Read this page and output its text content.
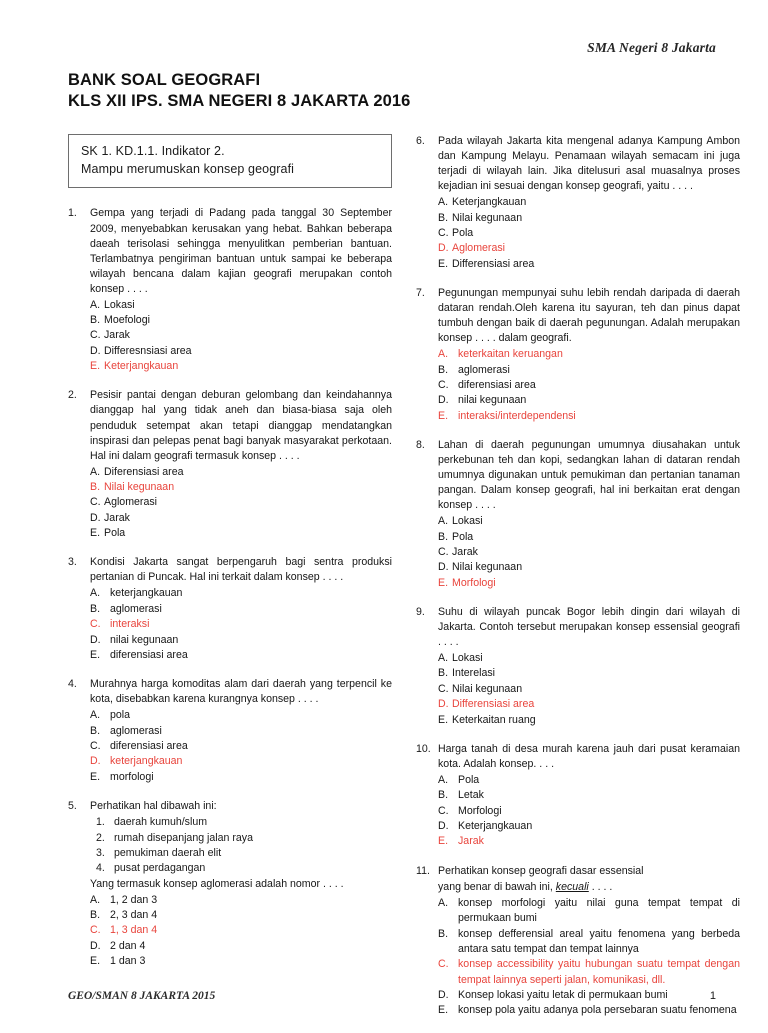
SMA Negeri 8 Jakarta
BANK SOAL GEOGRAFI
KLS XII IPS. SMA NEGERI 8 JAKARTA 2016
SK 1. KD.1.1. Indikator 2.
Mampu merumuskan konsep geografi
1.	Gempa yang terjadi di Padang pada tanggal 30 September 2009, menyebabkan kerusakan yang hebat. Bahkan beberapa daeah terisolasi sehingga menyulitkan pemberian bantuan. Terlambatnya pengiriman bantuan untuk sampai ke beberapa wilayah bencana dalam kajian geografi merupakan contoh konsep . . . .

A. Lokasi
B. Moefologi
C. Jarak
D. Differesnsiasi area
E. Keterjangkauan
2.	Pesisir pantai dengan deburan gelombang dan keindahannya dianggap hal yang tidak aneh dan biasa-biasa saja oleh penduduk setempat akan tetapi dianggap mendatangkan inspirasi dan pelepas penat bagi banyak masyarakat perkotaan. Hal ini dalam geografi termasuk konsep . . . .

A. Diferensiasi area
B. Nilai kegunaan
C. Aglomerasi
D. Jarak
E. Pola
3.	Kondisi Jakarta sangat berpengaruh bagi sentra produksi pertanian di Puncak. Hal ini terkait dalam konsep . . . .

A. keterjangkauan
B. aglomerasi
C. interaksi
D. nilai kegunaan
E. diferensiasi area
4.	Murahnya harga komoditas alam dari daerah yang terpencil ke kota, disebabkan karena kurangnya konsep . . . .

A. pola
B. aglomerasi
C. diferensiasi area
D. keterjangkauan
E. morfologi
5.	Perhatikan hal dibawah ini:

1. daerah kumuh/slum
2. rumah disepanjang jalan raya
3. pemukiman daerah elit
4. pusat perdagangan

Yang termasuk konsep aglomerasi adalah nomor . . . .

A. 1, 2 dan 3
B. 2, 3 dan 4
C. 1, 3 dan 4
D. 2 dan 4
E. 1 dan 3
6.	Pada wilayah Jakarta kita mengenal adanya Kampung Ambon dan Kampung Melayu. Penamaan wilayah semacam ini juga terjadi di wilayah lain. Jika ditelusuri asal muasalnya proses kejadian ini sesuai dengan konsep geografi, yaitu . . . .

A. Keterjangkauan
B. Nilai kegunaan
C. Pola
D. Aglomerasi
E. Differensiasi area
7.	Pegunungan mempunyai suhu lebih rendah daripada di daerah dataran rendah.Oleh karena itu sayuran, teh dan pinus dapat tumbuh dengan baik di daerah pegunungan. Adalah merupakan konsep . . . . dalam geografi.

A. keterkaitan keruangan
B. aglomerasi
C. diferensiasi area
D. nilai kegunaan
E. interaksi/interdependensi
8.	Lahan di daerah pegunungan umumnya diusahakan untuk perkebunan teh dan kopi, sedangkan lahan di dataran rendah umumnya digunakan untuk pemukiman dan pertanian tanaman pangan. Dalam konsep geografi, hal ini berkaitan erat dengan konsep . . . .

A. Lokasi
B. Pola
C. Jarak
D. Nilai kegunaan
E. Morfologi
9.	Suhu di wilayah puncak Bogor lebih dingin dari wilayah di Jakarta. Contoh tersebut merupakan konsep essensial geografi . . . .

A. Lokasi
B. Interelasi
C. Nilai kegunaan
D. Differensiasi area
E. Keterkaitan ruang
10. Harga tanah di desa murah karena jauh dari pusat keramaian kota. Adalah konsep. . . .

A. Pola
B. Letak
C. Morfologi
D. Keterjangkauan
E. Jarak
11. Perhatikan konsep geografi dasar essensial

yang benar di bawah ini, kecuali . . . .

A. konsep morfologi yaitu nilai guna tempat tempat di permukaan bumi
B. konsep defferensial areal yaitu fenomena yang berbeda antara satu tempat dan tempat lainnya
C. konsep accessibility yaitu hubungan suatu tempat dengan tempat lainnya seperti jalan, komunikasi, dll.
D. Konsep lokasi yaitu letak di permukaan bumi
E. konsep pola yaitu adanya pola persebaran suatu fenomena
GEO/SMAN 8 JAKARTA 2015	1
